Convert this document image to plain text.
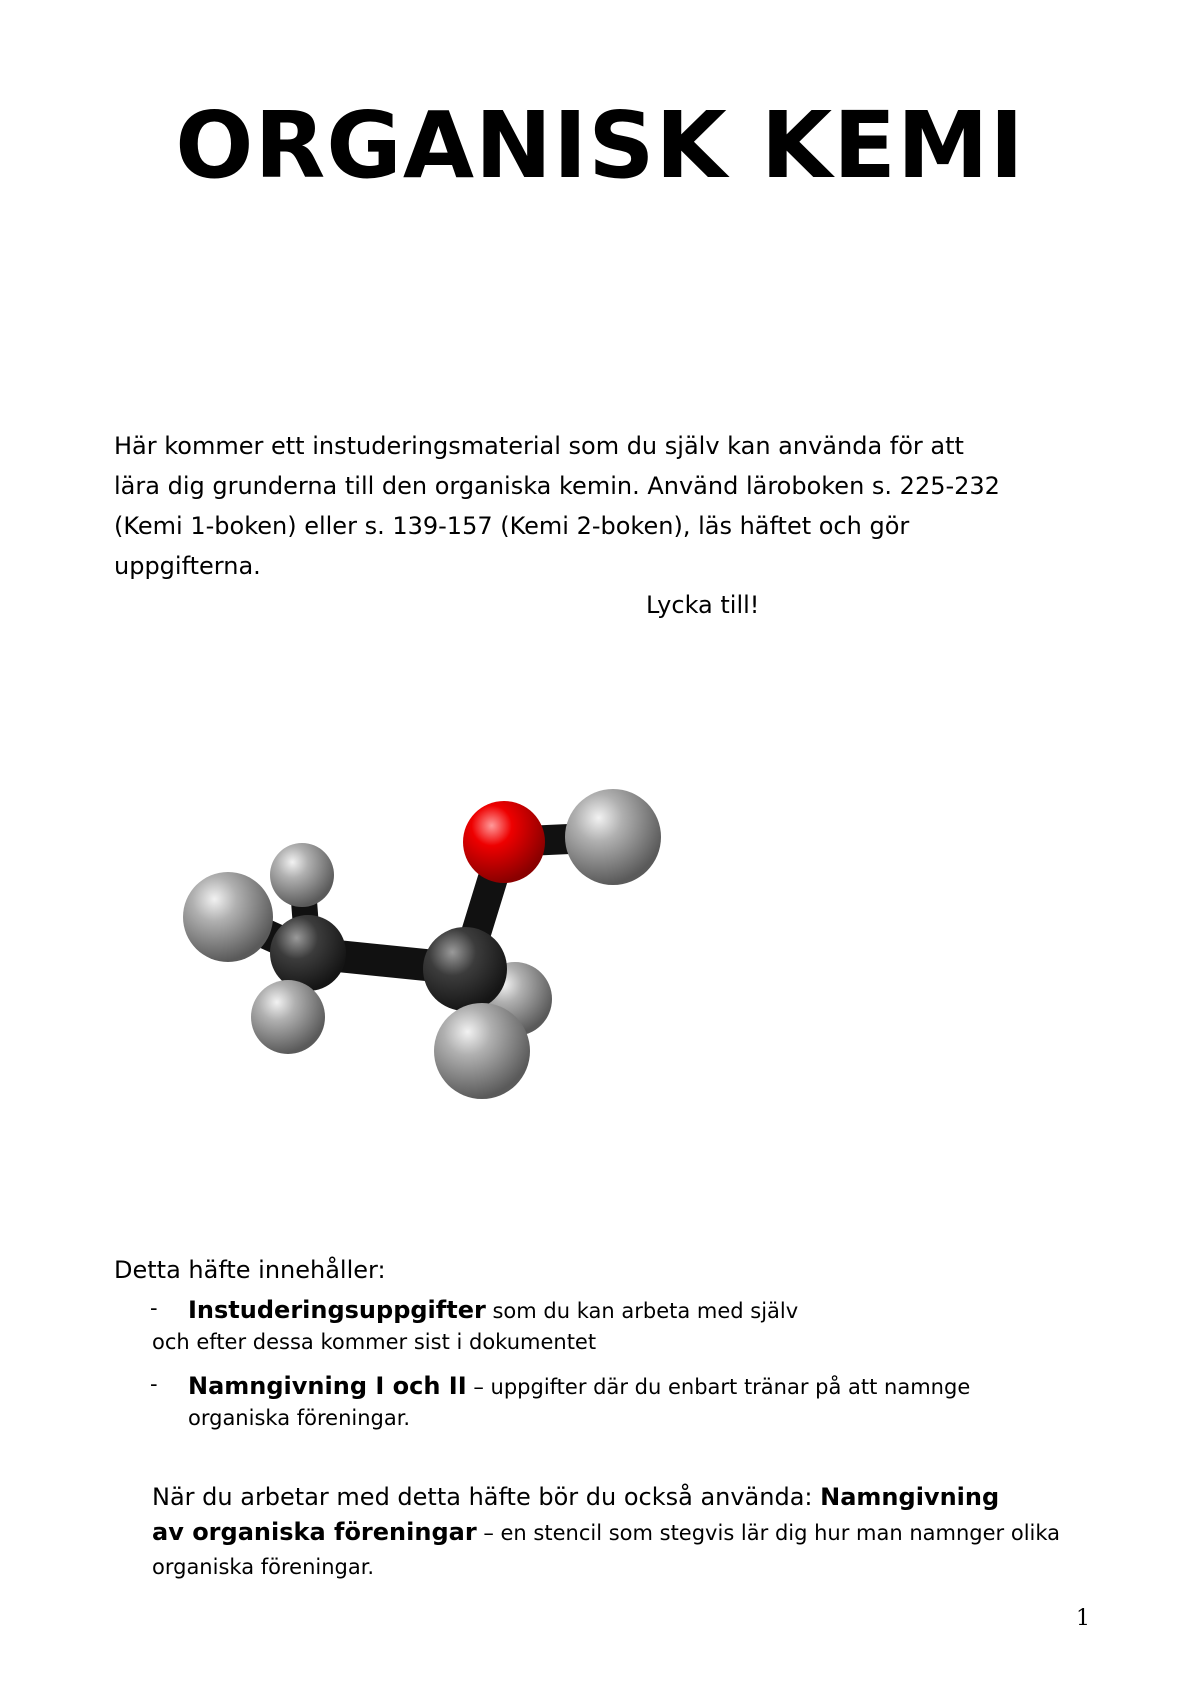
ORGANISK KEMI

Här kommer ett instuderingsmaterial som du själv kan använda för att

lära dig grunderna till den organiska kemin. Använd läroboken s. 225-232

(Kemi 1-boken) eller s. 139-157 (Kemi 2-boken), läs häftet och gör

uppgifterna.

Lycka till!
Detta häfte innehåller:
- Instuderingsuppgifter som du kan arbeta med själv
och efter dessa kommer sist i dokumentet
- Namngivning I och II – uppgifter där du enbart tränar på att namnge
organiska föreningar.
När du arbetar med detta häfte bör du också använda: Namngivning
av organiska föreningar – en stencil som stegvis lär dig hur man namnger olika
organiska föreningar.
1
